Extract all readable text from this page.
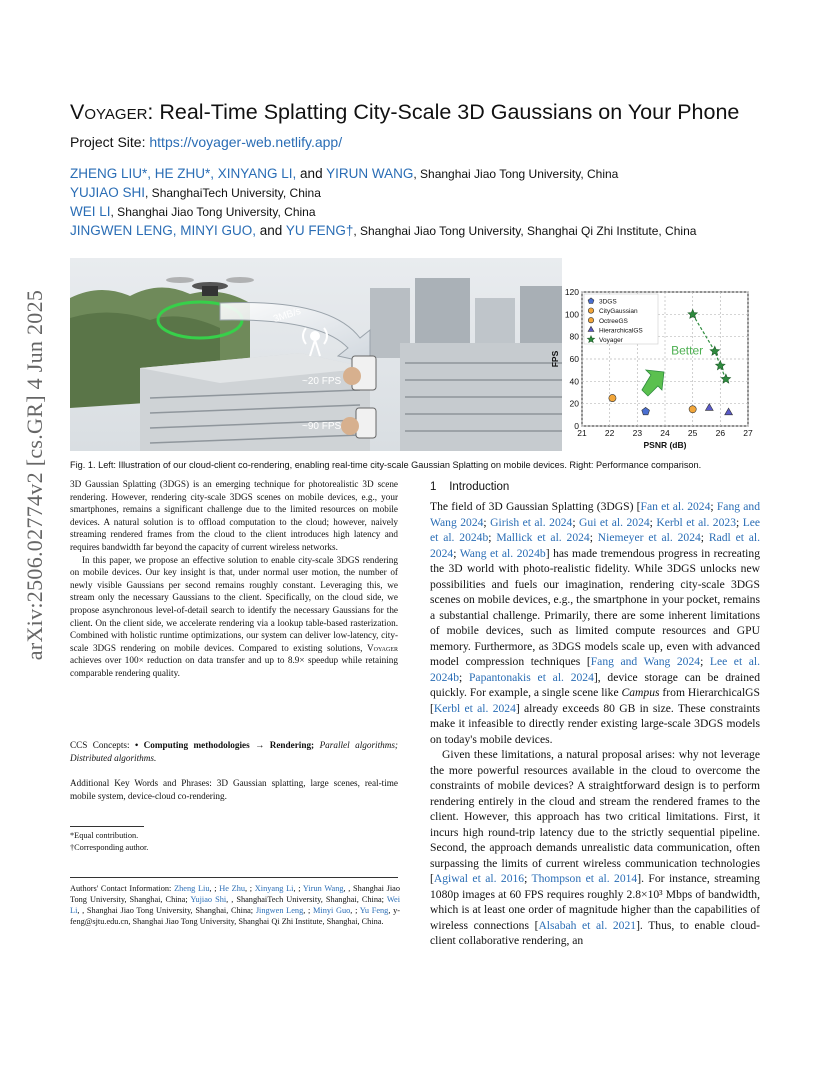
arXiv:2506.02774v2 [cs.GR] 4 Jun 2025
Voyager: Real-Time Splatting City-Scale 3D Gaussians on Your Phone
Project Site: https://voyager-web.netlify.app/
ZHENG LIU*, HE ZHU*, XINYANG LI, and YIRUN WANG, Shanghai Jiao Tong University, China
YUJIAO SHI, ShanghaiTech University, China
WEI LI, Shanghai Jiao Tong University, China
JINGWEN LENG, MINYI GUO, and YU FENG†, Shanghai Jiao Tong University, Shanghai Qi Zhi Institute, China
3MB/s
~20 FPS
~90 FPS
21 22 23 24 25 26 27
0
20
40
60
80
100
120
PSNR (dB)
FPS
Better
3DGS
CityGaussian
OctreeGS
HierarchicalGS
Voyager
Fig. 1. Left: Illustration of our cloud-client co-rendering, enabling real-time city-scale Gaussian Splatting on mobile devices. Right: Performance comparison.

3D Gaussian Splatting (3DGS) is an emerging technique for photorealistic 3D scene rendering. However, rendering city-scale 3DGS scenes on mobile devices, e.g., your smartphones, remains a significant challenge due to the limited resources on mobile devices. A natural solution is to offload computation to the cloud; however, naively streaming rendered frames from the cloud to the client introduces high latency and requires bandwidth far beyond the capacity of current wireless networks.

In this paper, we propose an effective solution to enable city-scale 3DGS rendering on mobile devices. Our key insight is that, under normal user motion, the number of newly visible Gaussians per second remains roughly constant. Leveraging this, we stream only the necessary Gaussians to the client. Specifically, on the cloud side, we propose asynchronous level-of-detail search to identify the necessary Gaussians for the client. On the client side, we accelerate rendering via a lookup table-based rasterization. Combined with holistic runtime optimizations, our system can deliver low-latency, city-scale 3DGS rendering on mobile devices. Compared to existing solutions, Voyager achieves over 100× reduction on data transfer and up to 8.9× speedup while retaining comparable rendering quality.

CCS Concepts: • Computing methodologies → Rendering; Parallel algorithms; Distributed algorithms.
Additional Key Words and Phrases: 3D Gaussian splatting, large scenes, real-time mobile system, device-cloud co-rendering.
*Equal contribution.
†Corresponding author.
Authors' Contact Information: Zheng Liu, ; He Zhu, ; Xinyang Li, ; Yirun Wang, , Shanghai Jiao Tong University, Shanghai, China; Yujiao Shi, , ShanghaiTech University, Shanghai, China; Wei Li, , Shanghai Jiao Tong University, Shanghai, China; Jingwen Leng, ; Minyi Guo, ; Yu Feng, y-feng@sjtu.edu.cn, Shanghai Jiao Tong University, Shanghai Qi Zhi Institute, Shanghai, China.
1 Introduction

The field of 3D Gaussian Splatting (3DGS) [Fan et al. 2024; Fang and Wang 2024; Girish et al. 2024; Gui et al. 2024; Kerbl et al. 2023; Lee et al. 2024b; Mallick et al. 2024; Niemeyer et al. 2024; Radl et al. 2024; Wang et al. 2024b] has made tremendous progress in recreating the 3D world with photo-realistic fidelity. While 3DGS unlocks new possibilities and fuels our imagination, rendering city-scale 3DGS scenes on mobile devices, e.g., the smartphone in your pocket, remains a substantial challenge. Primarily, there are some inherent limitations of mobile devices, such as limited compute resources and GPU memory. Furthermore, as 3DGS models scale up, even with advanced model compression techniques [Fang and Wang 2024; Lee et al. 2024b; Papantonakis et al. 2024], device storage can be drained quickly. For example, a single scene like Campus from HierarchicalGS [Kerbl et al. 2024] already exceeds 80 GB in size. These constraints make it infeasible to directly render existing large-scale 3DGS models on today's mobile devices.

Given these limitations, a natural proposal arises: why not leverage the more powerful resources available in the cloud to overcome the constraints of mobile devices? A straightforward design is to perform rendering entirely in the cloud and stream the rendered frames to the client. However, this approach has two critical limitations. First, it incurs high round-trip latency due to the strictly sequential pipeline. Second, the approach demands unrealistic data communication, often surpassing the limits of current wireless communication technologies [Agiwal et al. 2016; Thompson et al. 2014]. For instance, streaming 1080p images at 60 FPS requires roughly 2.8×10³ Mbps of bandwidth, which is at least one order of magnitude higher than the capabilities of wireless connections [Alsabah et al. 2021]. Thus, to enable cloud-client collaborative rendering, an
